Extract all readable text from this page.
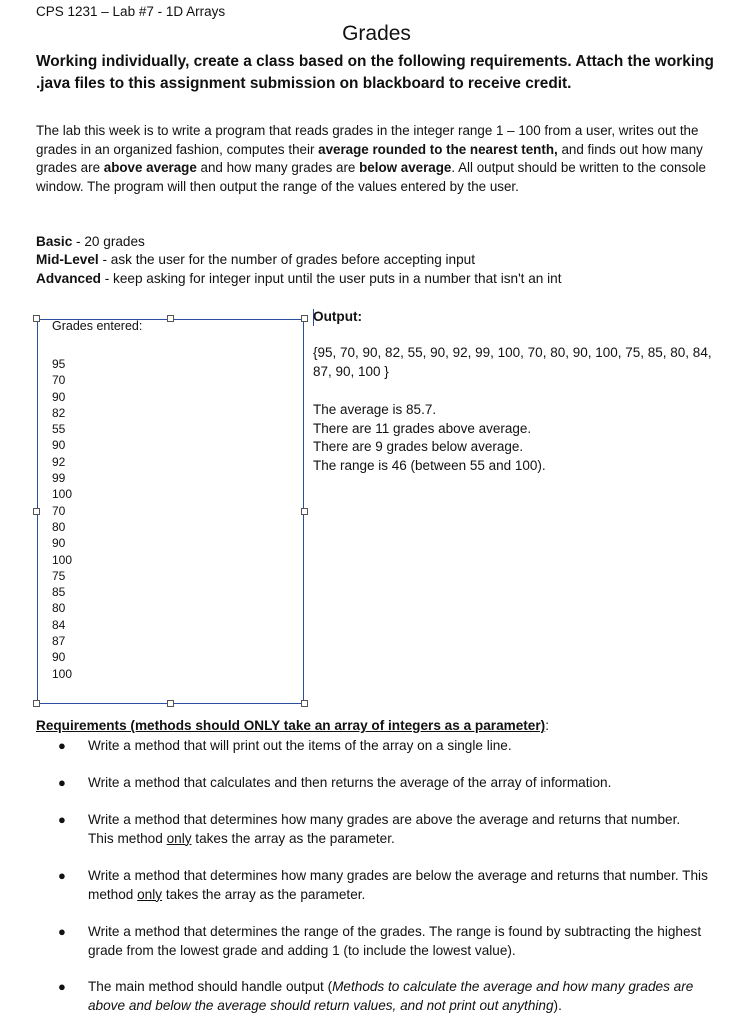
CPS 1231 – Lab #7 - 1D Arrays
Grades
Working individually, create a class based on the following requirements. Attach the working .java files to this assignment submission on blackboard to receive credit.
The lab this week is to write a program that reads grades in the integer range 1 – 100 from a user, writes out the grades in an organized fashion, computes their average rounded to the nearest tenth, and finds out how many grades are above average and how many grades are below average. All output should be written to the console window. The program will then output the range of the values entered by the user.
Basic - 20 grades
Mid-Level - ask the user for the number of grades before accepting input
Advanced - keep asking for integer input until the user puts in a number that isn't an int
Grades entered:
95
70
90
82
55
90
92
99
100
70
80
90
100
75
85
80
84
87
90
100
Output:
{95, 70, 90, 82, 55, 90, 92, 99, 100, 70, 80, 90, 100, 75, 85, 80, 84, 87, 90, 100 }
The average is 85.7.
There are 11 grades above average.
There are 9 grades below average.
The range is 46 (between 55 and 100).
Requirements (methods should ONLY take an array of integers as a parameter):
● Write a method that will print out the items of the array on a single line.
● Write a method that calculates and then returns the average of the array of information.
● Write a method that determines how many grades are above the average and returns that number. This method only takes the array as the parameter.
● Write a method that determines how many grades are below the average and returns that number. This method only takes the array as the parameter.
● Write a method that determines the range of the grades. The range is found by subtracting the highest grade from the lowest grade and adding 1 (to include the lowest value).
● The main method should handle output (Methods to calculate the average and how many grades are above and below the average should return values, and not print out anything).
